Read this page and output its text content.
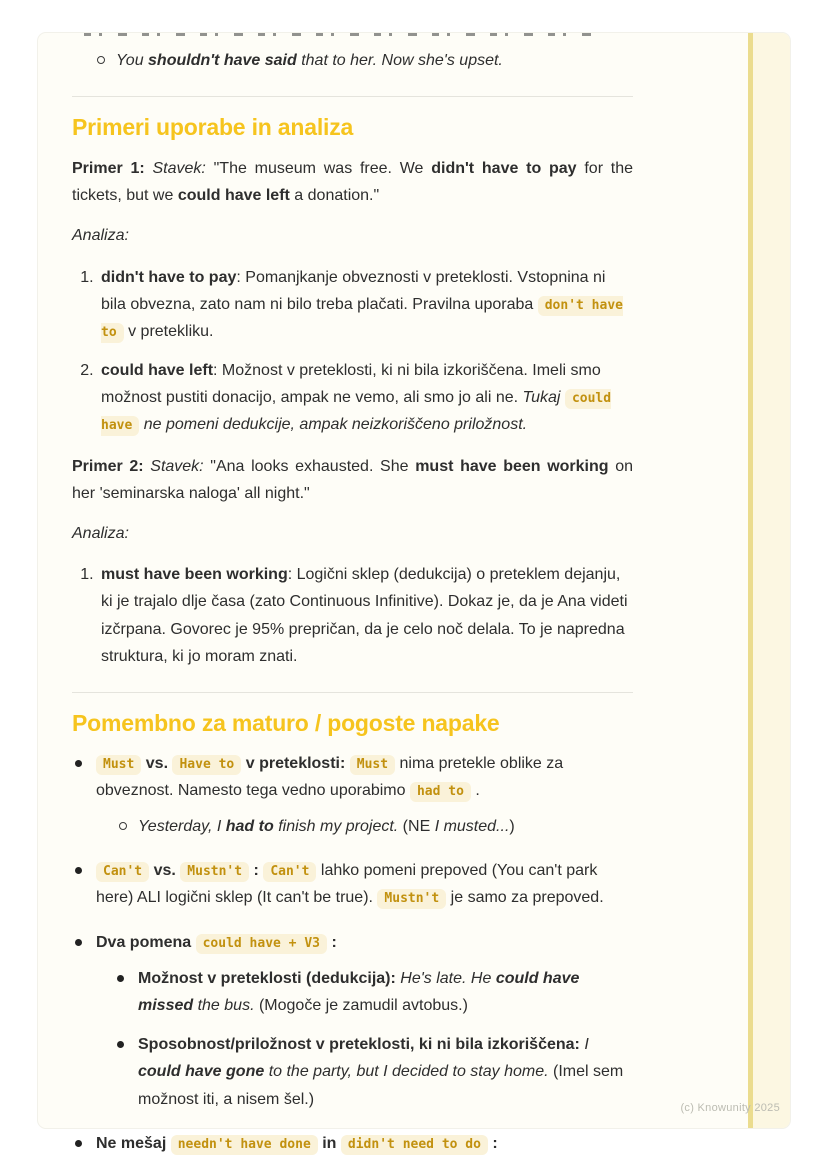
You shouldn't have said that to her. Now she's upset.
Primeri uporabe in analiza

Primer 1: Stavek: "The museum was free. We didn't have to pay for the tickets, but we could have left a donation."

Analiza:

1. didn't have to pay: Pomanjkanje obveznosti v preteklosti. Vstopnina ni bila obvezna, zato nam ni bilo treba plačati. Pravilna uporaba don't have to v pretekliku.
2. could have left: Možnost v preteklosti, ki ni bila izkoriščena. Imeli smo možnost pustiti donacijo, ampak ne vemo, ali smo jo ali ne. Tukaj could have ne pomeni dedukcije, ampak neizkoriščeno priložnost.

Primer 2: Stavek: "Ana looks exhausted. She must have been working on her 'seminarska naloga' all night."

Analiza:

1. must have been working: Logični sklep (dedukcija) o preteklem dejanju, ki je trajalo dlje časa (zato Continuous Infinitive). Dokaz je, da je Ana videti izčrpana. Govorec je 95% prepričan, da je celo noč delala. To je napredna struktura, ki jo moram znati.
Pomembno za maturo / pogoste napake
Must vs. Have to v preteklosti: Must nima pretekle oblike za obveznost. Namesto tega vedno uporabimo had to .
Yesterday, I had to finish my project. (NE I musted...)
Can't vs. Mustn't : Can't lahko pomeni prepoved (You can't park here) ALI logični sklep (It can't be true). Mustn't je samo za prepoved.
Dva pomena could have + V3 :
Možnost v preteklosti (dedukcija): He's late. He could have missed the bus. (Mogoče je zamudil avtobus.)
Sposobnost/priložnost v preteklosti, ki ni bila izkoriščena: I could have gone to the party, but I decided to stay home. (Imel sem možnost iti, a nisem šel.)
Ne mešaj needn't have done in didn't need to do :
(c) Knowunity 2025
